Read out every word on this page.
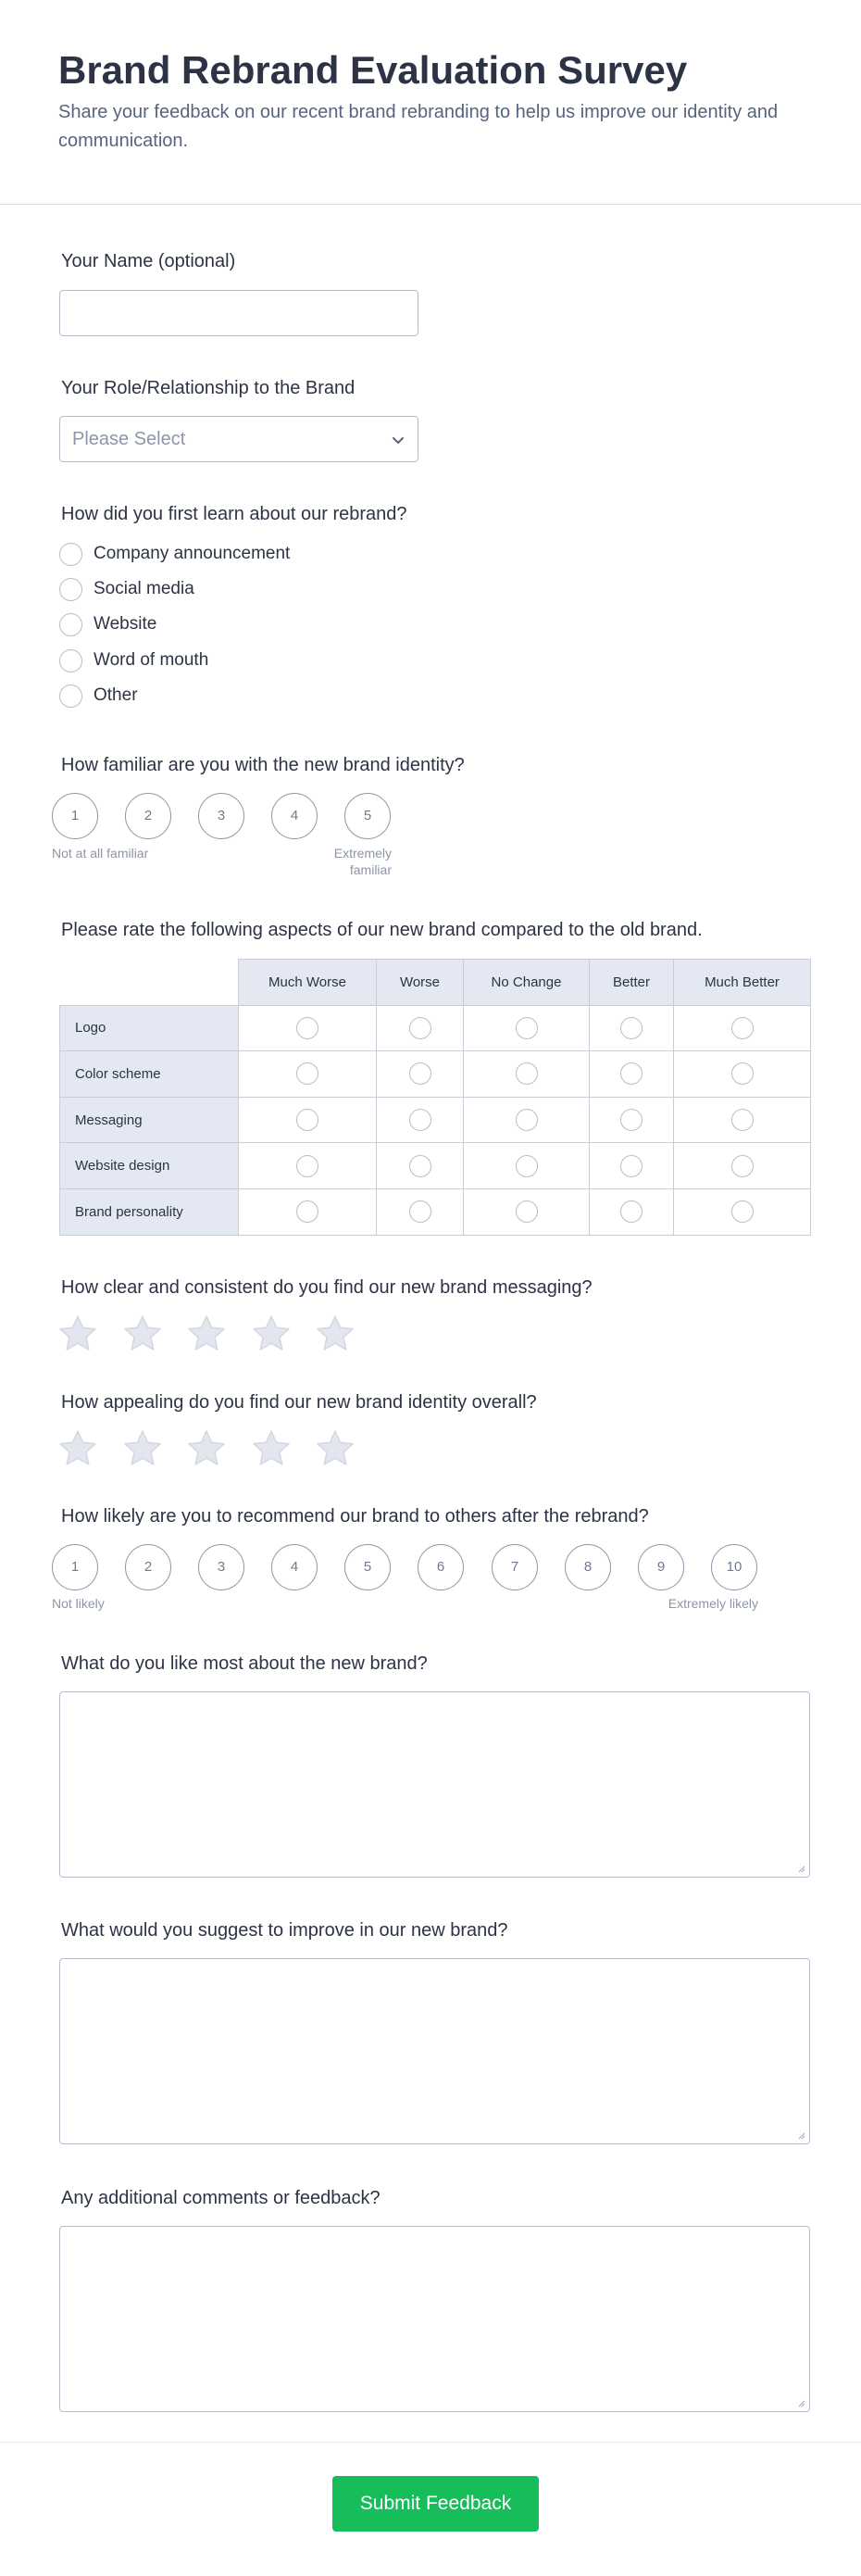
Brand Rebrand Evaluation Survey

Share your feedback on our recent brand rebranding to help us improve our identity and communication.

Your Name (optional)
Your Role/Relationship to the Brand
Please Select
How did you first learn about our rebrand?
Company announcement
Social media
Website
Word of mouth
Other
How familiar are you with the new brand identity?
1	2	3	4	5
Not at all familiar	Extremely familiar
Please rate the following aspects of our new brand compared to the old brand.
	Much Worse	Worse	No Change	Better	Much Better
Logo					
Color scheme					
Messaging					
Website design					
Brand personality					
How clear and consistent do you find our new brand messaging?
How appealing do you find our new brand identity overall?
How likely are you to recommend our brand to others after the rebrand?
1	2	3	4	5	6	7	8	9	10
Not likely	Extremely likely
What do you like most about the new brand?
What would you suggest to improve in our new brand?
Any additional comments or feedback?
Submit Feedback
